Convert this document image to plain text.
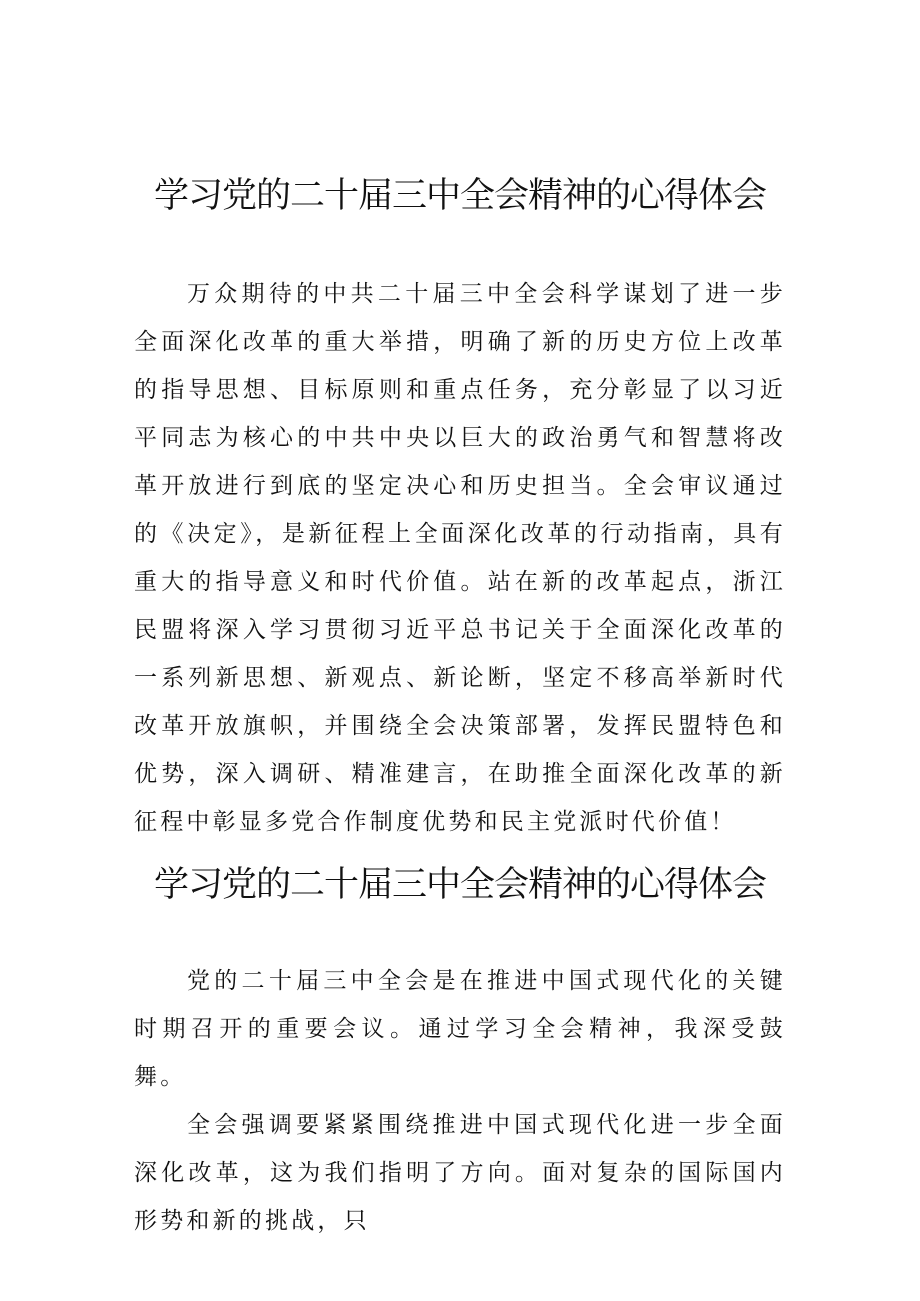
学习党的二十届三中全会精神的心得体会

万众期待的中共二十届三中全会科学谋划了进一步全面深化改革的重大举措，明确了新的历史方位上改革的指导思想、目标原则和重点任务，充分彰显了以习近平同志为核心的中共中央以巨大的政治勇气和智慧将改革开放进行到底的坚定决心和历史担当。全会审议通过的《决定》，是新征程上全面深化改革的行动指南，具有重大的指导意义和时代价值。站在新的改革起点，浙江民盟将深入学习贯彻习近平总书记关于全面深化改革的一系列新思想、新观点、新论断，坚定不移高举新时代改革开放旗帜，并围绕全会决策部署，发挥民盟特色和优势，深入调研、精准建言，在助推全面深化改革的新征程中彰显多党合作制度优势和民主党派时代价值！

学习党的二十届三中全会精神的心得体会

党的二十届三中全会是在推进中国式现代化的关键时期召开的重要会议。通过学习全会精神，我深受鼓舞。

全会强调要紧紧围绕推进中国式现代化进一步全面深化改革，这为我们指明了方向。面对复杂的国际国内形势和新的挑战，只
